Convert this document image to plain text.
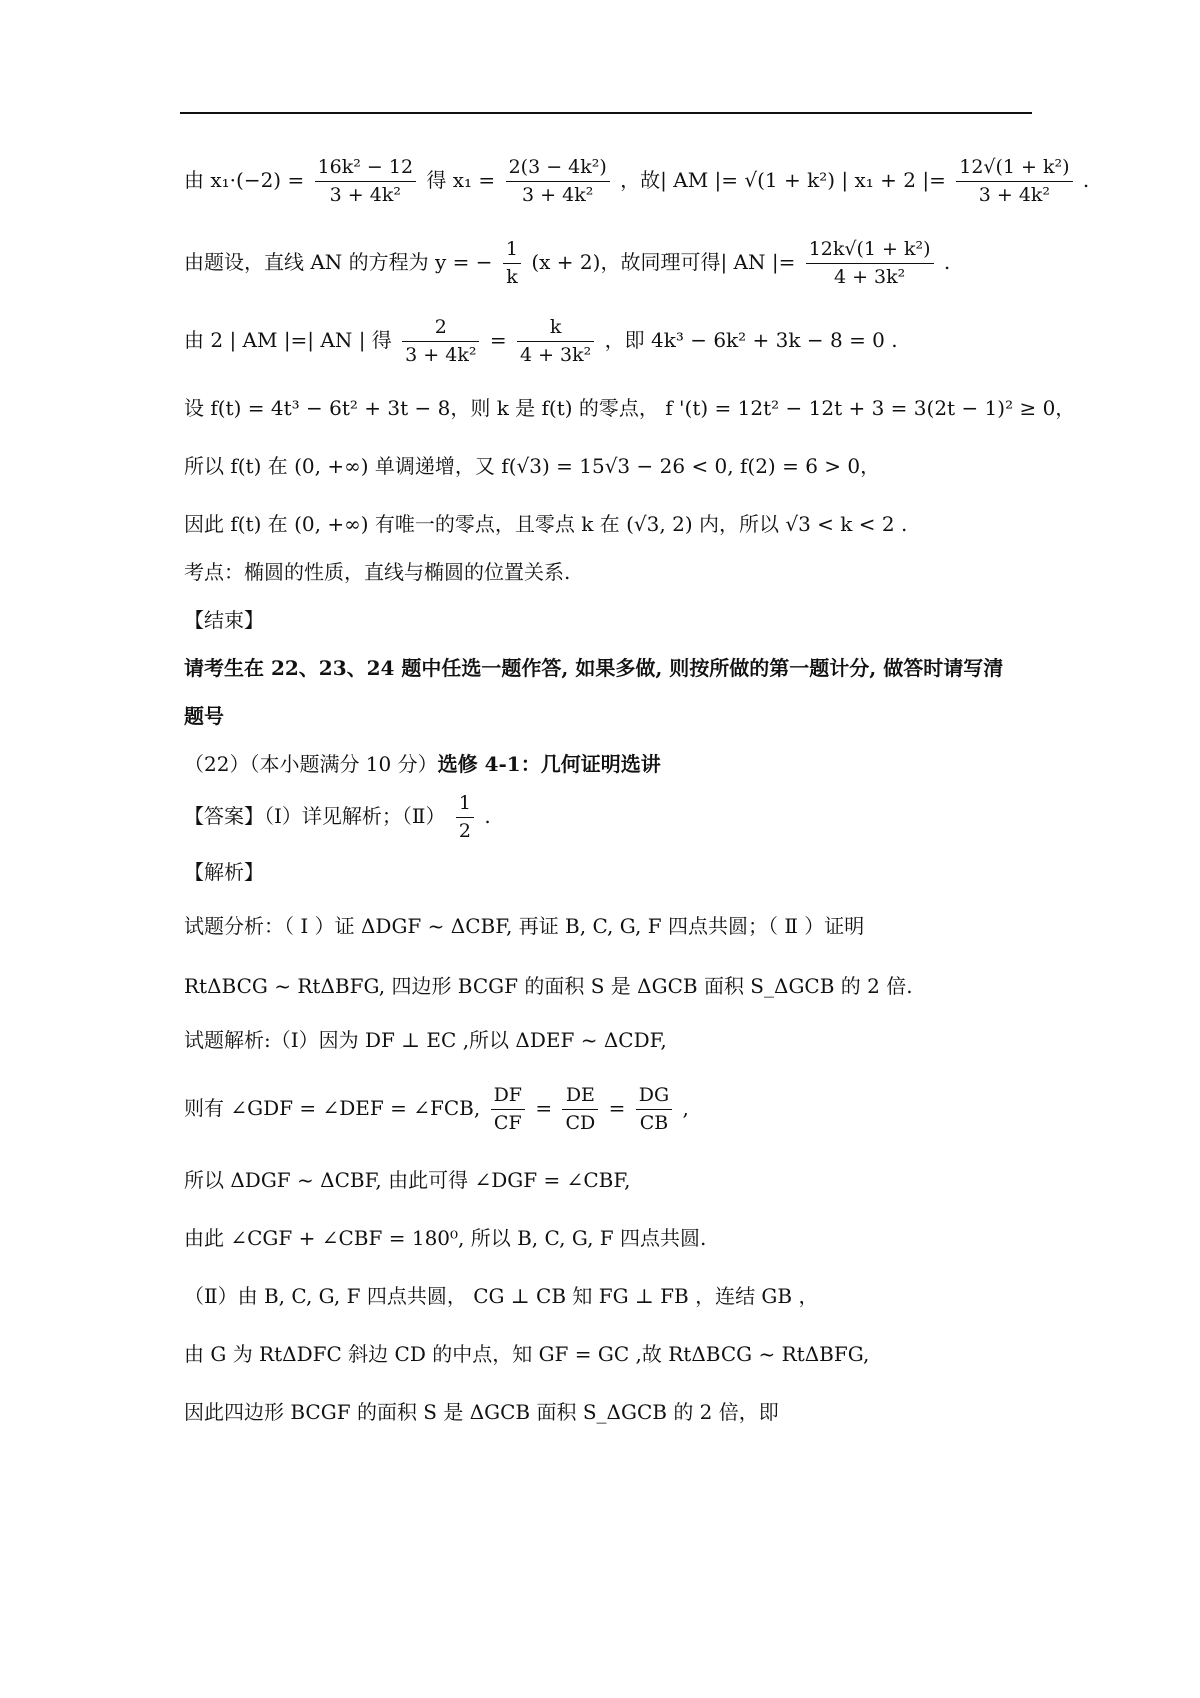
由 $x_1\cdot(-2) = \frac{\text{16k² − 12}}{\text{3 + 4k²}}$ 得 $x_1 = \frac{\text{2(3 − 4k²)}}{\text{3 + 4k²}}$ ，故| AM |= √(1 + k²) | x₁ + 2 |= $\frac{\text{12√(1 + k²)}}{\text{3 + 4k²}}$ .
由题设，直线 AN 的方程为 y = − $\frac{1}{k} (x + 2)$，故同理可得| AN |= $\frac{\text{12k√(1 + k²)}}{\text{4 + 3k²}}$ .
由 2 | AM |=| AN | 得 $\frac{2}{\text{3 + 4k²}} = \frac{k}{\text{4 + 3k²}}$ ，即 4k³ − 6k² + 3k − 8 = 0 .
设 f(t) = 4t³ − 6t² + 3t − 8，则 k 是 f(t) 的零点， f '(t) = 12t² − 12t + 3 = 3(2t − 1)² ≥ 0，
所以 f(t) 在 (0, +∞) 单调递增，又 f(√3) = 15√3 − 26 < 0, f(2) = 6 > 0，
因此 f(t) 在 (0, +∞) 有唯一的零点，且零点 k 在 (√3, 2) 内，所以 √3 < k < 2 .
考点：椭圆的性质，直线与椭圆的位置关系.
【结束】
请考生在 22、23、24 题中任选一题作答, 如果多做, 则按所做的第一题计分, 做答时请写清
题号
（22）（本小题满分 10 分）选修 4-1：几何证明选讲
【答案】（Ⅰ）详见解析；（Ⅱ） $\frac{1}{2}$ .
【解析】
试题分析：（ Ⅰ ）证 ΔDGF ~ ΔCBF, 再证 B, C, G, F 四点共圆；（ Ⅱ ）证明
RtΔBCG ~ RtΔBFG, 四边形 BCGF 的面积 S 是 ΔGCB 面积 S_ΔGCB 的 2 倍.
试题解析:（Ⅰ）因为 DF ⊥ EC ,所以 ΔDEF ~ ΔCDF,
则有 ∠GDF = ∠DEF = ∠FCB, $\frac{DF}{CF} = \frac{DE}{CD} = \frac{DG}{CB}$ ,
所以 ΔDGF ~ ΔCBF, 由此可得 ∠DGF = ∠CBF,
由此 ∠CGF + ∠CBF = 180⁰, 所以 B, C, G, F 四点共圆.
（Ⅱ）由 B, C, G, F 四点共圆， CG ⊥ CB 知 FG ⊥ FB ，连结 GB ，
由 G 为 RtΔDFC 斜边 CD 的中点，知 GF = GC ,故 RtΔBCG ~ RtΔBFG,
因此四边形 BCGF 的面积 S 是 ΔGCB 面积 S_ΔGCB 的 2 倍，即
